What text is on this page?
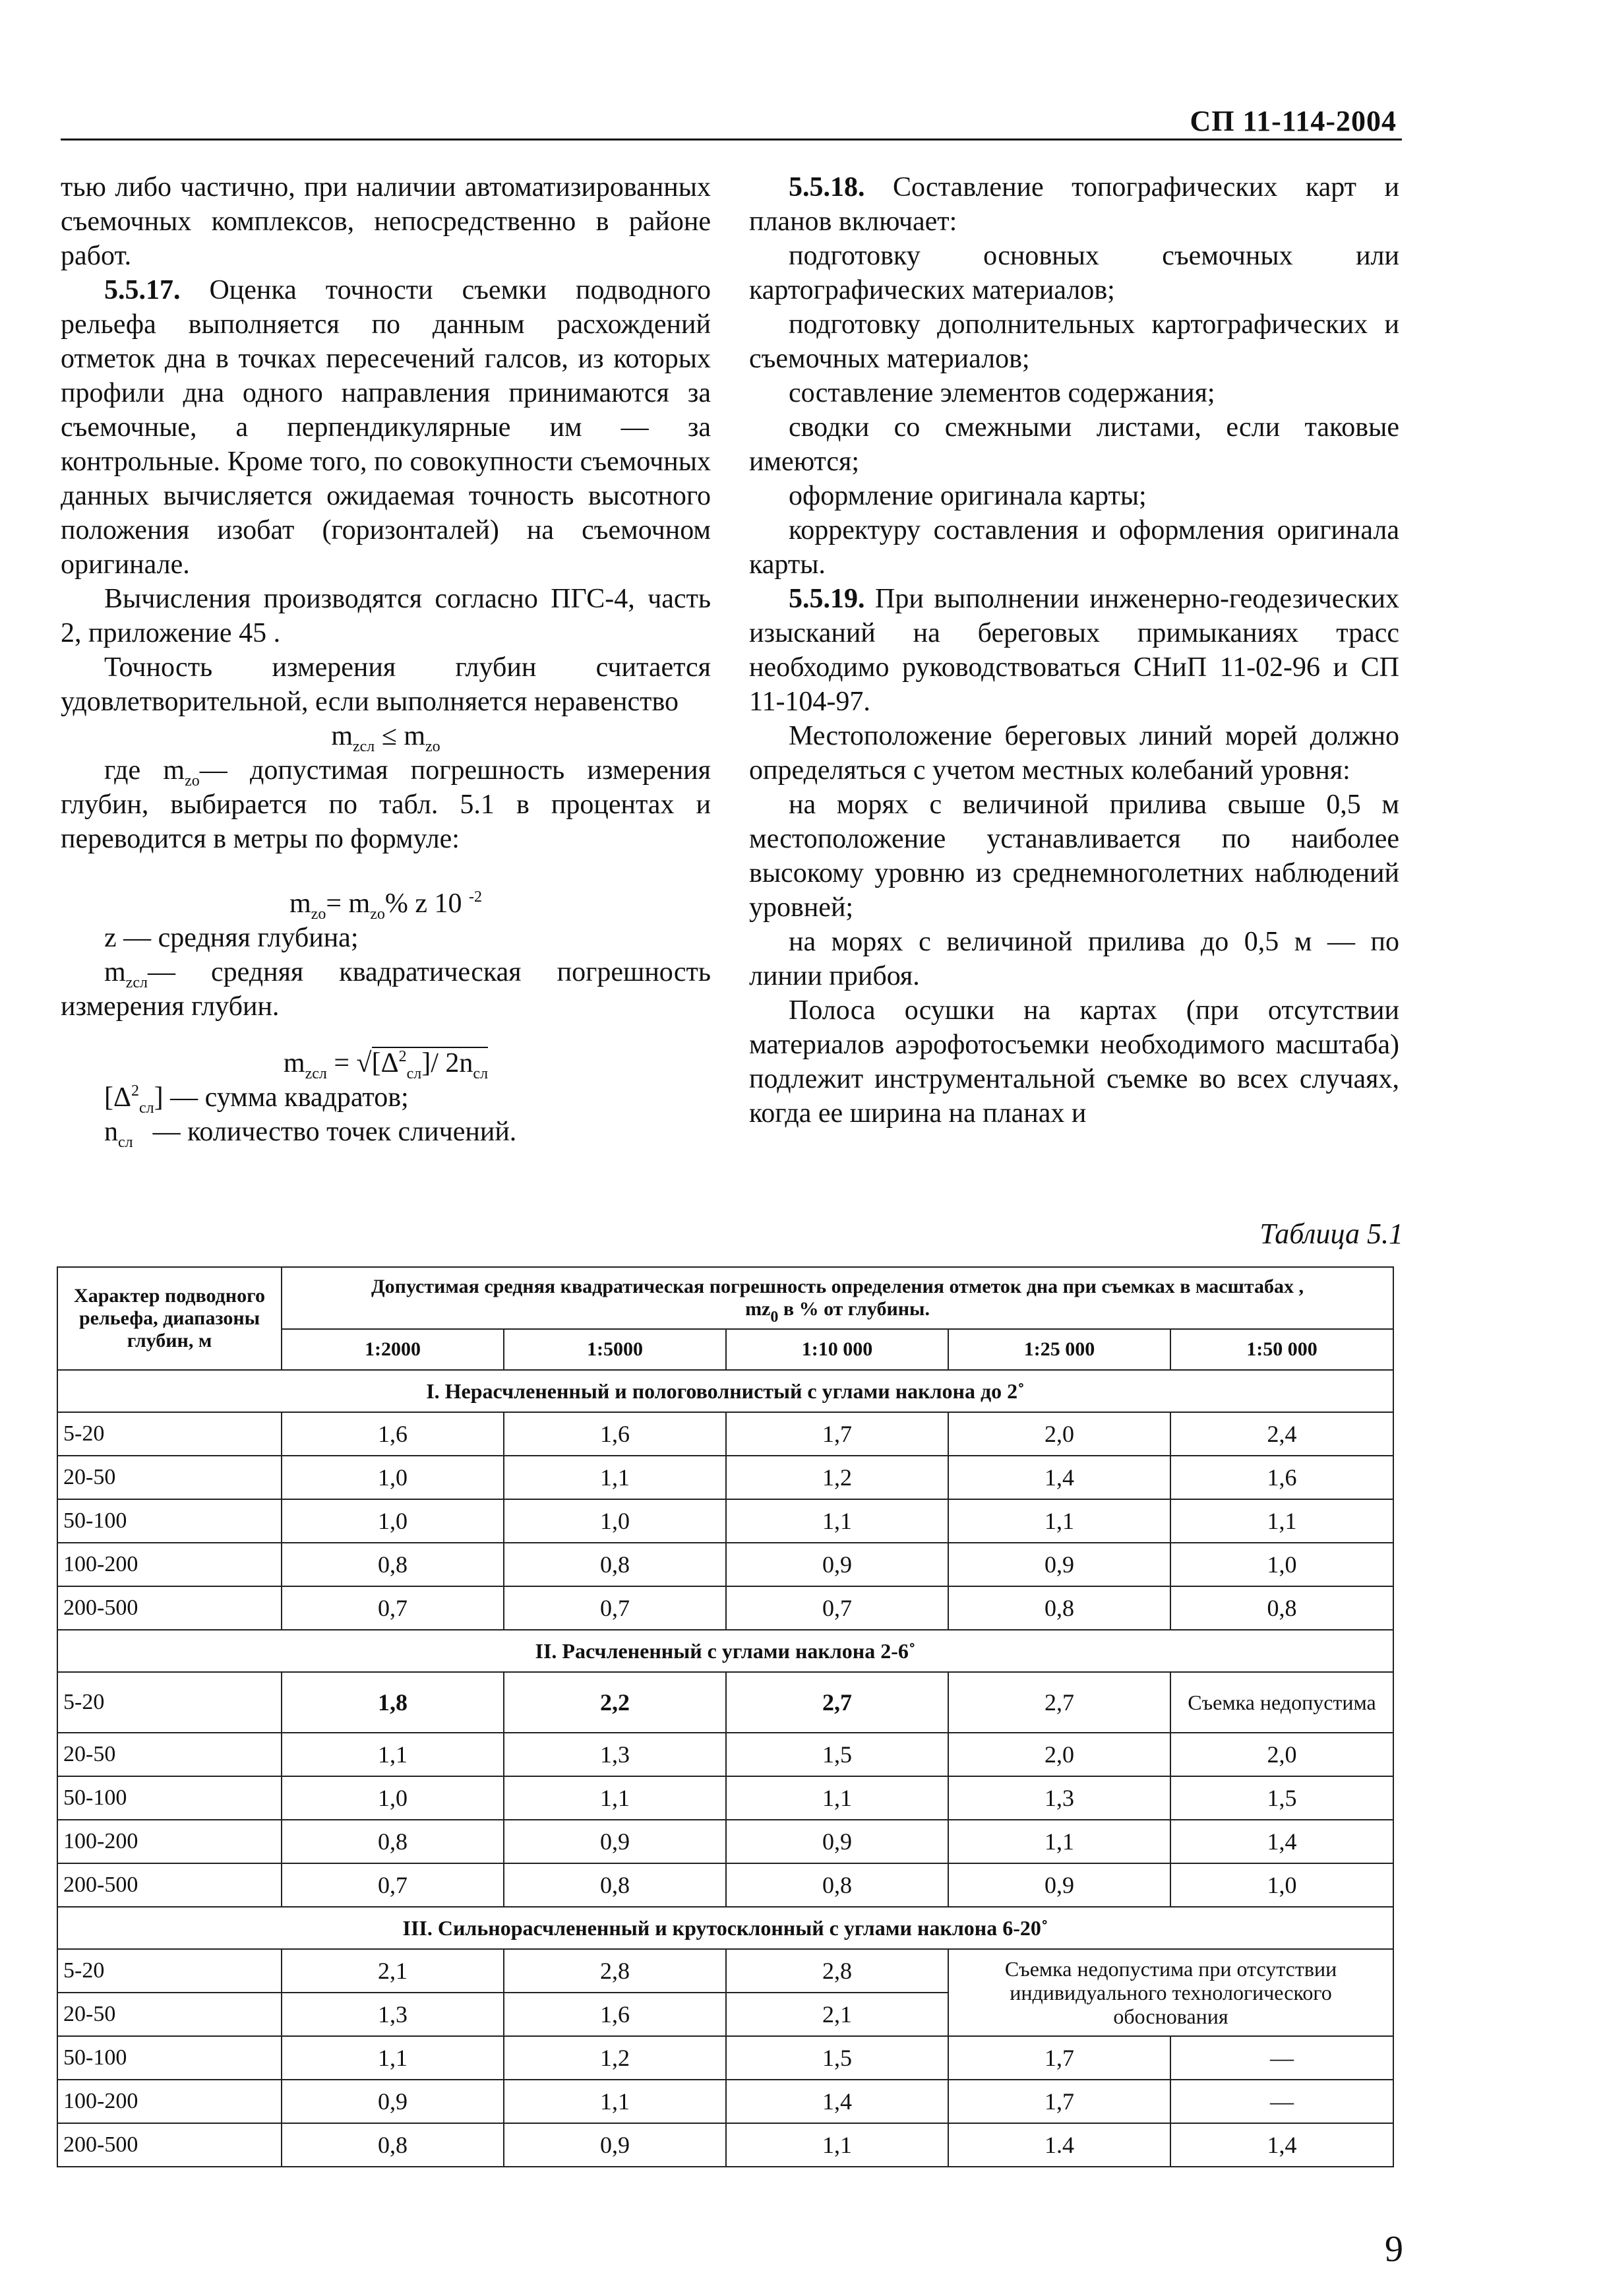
СП 11-114-2004

тью либо частично, при наличии автоматизированных съемочных комплексов, непосредственно в районе работ.

5.5.17. Оценка точности съемки подводного рельефа выполняется по данным расхождений отметок дна в точках пересечений галсов, из которых профили дна одного направления принимаются за съемочные, а перпендикулярные им — за контрольные. Кроме того, по совокупности съемочных данных вычисляется ожидаемая точность высотного положения изобат (горизонталей) на съемочном оригинале.

Вычисления производятся согласно ПГС-4, часть 2, приложение 45 .

Точность измерения глубин считается удовлетворительной, если выполняется неравенство

$m_{zсл} \le m_{zо}$

где $m_{zо}—$ допустимая погрешность измерения глубин, выбирается по табл. 5.1 в процентах и переводится в метры по формуле:

$m_{zо}= m_{zо}\%$ z 10 $^{-2}$

z — средняя глубина;

$m_{zсл}—$ средняя квадратическая погрешность измерения глубин.

$m_{zсл} = √[\Delta^2_{сл}]/$ $2n_{сл}$

$[\Delta^2_{сл}]$ — сумма квадратов;

$n_{сл}$ — количество точек сличений.

5.5.18. Составление топографических карт и планов включает:

подготовку основных съемочных или картографических материалов;

подготовку дополнительных картографических и съемочных материалов;

составление элементов содержания;

сводки со смежными листами, если таковые имеются;

оформление оригинала карты;

корректуру составления и оформления оригинала карты.

5.5.19. При выполнении инженерно-геодезических изысканий на береговых примыканиях трасс необходимо руководствоваться СНиП 11-02-96 и СП 11-104-97.

Местоположение береговых линий морей должно определяться с учетом местных колебаний уровня:

на морях с величиной прилива свыше 0,5 м местоположение устанавливается по наиболее высокому уровню из среднемноголетних наблюдений уровней;

на морях с величиной прилива до 0,5 м — по линии прибоя.

Полоса осушки на картах (при отсутствии материалов аэрофотосъемки необходимого масштаба) подлежит инструментальной съемке во всех случаях, когда ее ширина на планах и

Таблица 5.1
Характер подводного рельефа, диапазоны глубин, м	Допустимая средняя квадратическая погрешность определения отметок дна при съемках в масштабах ,
$mz_0$ в % от глубины.				
	1:2000	1:5000	1:10 000	1:25 000	1:50 000
I. Нерасчлененный и пологоволнистый с углами наклона до 2˚					
5-20	1,6	1,6	1,7	2,0	2,4
20-50	1,0	1,1	1,2	1,4	1,6
50-100	1,0	1,0	1,1	1,1	1,1
100-200	0,8	0,8	0,9	0,9	1,0
200-500	0,7	0,7	0,7	0,8	0,8
II. Расчлененный с углами наклона 2-6˚					
5-20	1,8	2,2	2,7	2,7	Съемка недопустима
20-50	1,1	1,3	1,5	2,0	2,0
50-100	1,0	1,1	1,1	1,3	1,5
100-200	0,8	0,9	0,9	1,1	1,4
200-500	0,7	0,8	0,8	0,9	1,0
III. Сильнорасчлененный и крутосклонный с углами наклона 6-20˚					
5-20	2,1	2,8	2,8	Съемка недопустима при отсутствии индивидуального технологического обоснования	
20-50	1,3	1,6	2,1		
50-100	1,1	1,2	1,5	1,7	—
100-200	0,9	1,1	1,4	1,7	—
200-500	0,8	0,9	1,1	1.4	1,4
9
